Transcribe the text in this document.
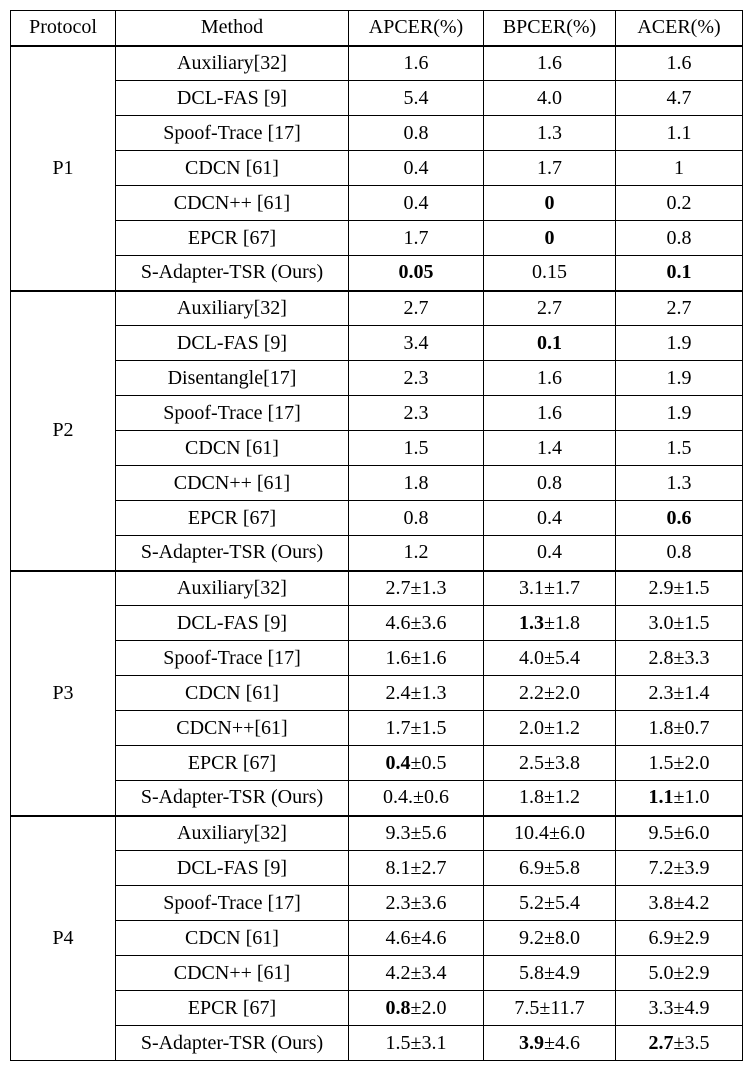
Protocol	Method	APCER(%)	BPCER(%)	ACER(%)
P1	Auxiliary[32]	1.6	1.6	1.6
	DCL-FAS [9]	5.4	4.0	4.7
	Spoof-Trace [17]	0.8	1.3	1.1
	CDCN [61]	0.4	1.7	1
	CDCN++ [61]	0.4	0	0.2
	EPCR [67]	1.7	0	0.8
	S-Adapter-TSR (Ours)	0.05	0.15	0.1
P2	Auxiliary[32]	2.7	2.7	2.7
	DCL-FAS [9]	3.4	0.1	1.9
	Disentangle[17]	2.3	1.6	1.9
	Spoof-Trace [17]	2.3	1.6	1.9
	CDCN [61]	1.5	1.4	1.5
	CDCN++ [61]	1.8	0.8	1.3
	EPCR [67]	0.8	0.4	0.6
	S-Adapter-TSR (Ours)	1.2	0.4	0.8
P3	Auxiliary[32]	2.7±1.3	3.1±1.7	2.9±1.5
	DCL-FAS [9]	4.6±3.6	1.3±1.8	3.0±1.5
	Spoof-Trace [17]	1.6±1.6	4.0±5.4	2.8±3.3
	CDCN [61]	2.4±1.3	2.2±2.0	2.3±1.4
	CDCN++[61]	1.7±1.5	2.0±1.2	1.8±0.7
	EPCR [67]	0.4±0.5	2.5±3.8	1.5±2.0
	S-Adapter-TSR (Ours)	0.4.±0.6	1.8±1.2	1.1±1.0
P4	Auxiliary[32]	9.3±5.6	10.4±6.0	9.5±6.0
	DCL-FAS [9]	8.1±2.7	6.9±5.8	7.2±3.9
	Spoof-Trace [17]	2.3±3.6	5.2±5.4	3.8±4.2
	CDCN [61]	4.6±4.6	9.2±8.0	6.9±2.9
	CDCN++ [61]	4.2±3.4	5.8±4.9	5.0±2.9
	EPCR [67]	0.8±2.0	7.5±11.7	3.3±4.9
	S-Adapter-TSR (Ours)	1.5±3.1	3.9±4.6	2.7±3.5
